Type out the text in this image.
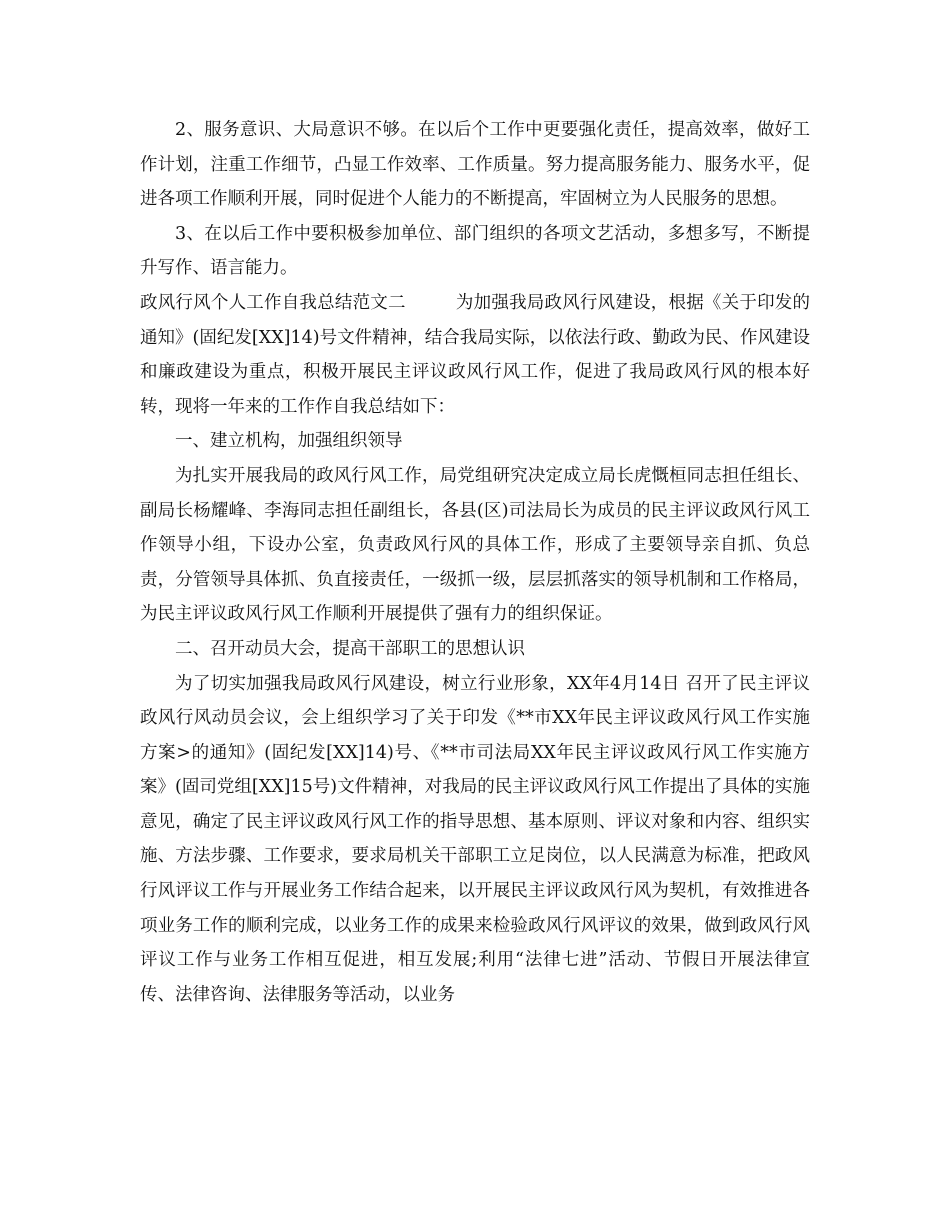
2、服务意识、大局意识不够。在以后个工作中更要强化责任，提高效率，做好工作计划，注重工作细节，凸显工作效率、工作质量。努力提高服务能力、服务水平，促进各项工作顺利开展，同时促进个人能力的不断提高，牢固树立为人民服务的思想。

3、在以后工作中要积极参加单位、部门组织的各项文艺活动，多想多写，不断提升写作、语言能力。

政风行风个人工作自我总结范文二	为加强我局政风行风建设，根据《关于印发的通知》(固纪发[XX]14)号文件精神，结合我局实际，以依法行政、勤政为民、作风建设和廉政建设为重点，积极开展民主评议政风行风工作，促进了我局政风行风的根本好转，现将一年来的工作作自我总结如下：

一、建立机构，加强组织领导

为扎实开展我局的政风行风工作，局党组研究决定成立局长虎慨桓同志担任组长、副局长杨耀峰、李海同志担任副组长，各县(区)司法局长为成员的民主评议政风行风工作领导小组，下设办公室，负责政风行风的具体工作，形成了主要领导亲自抓、负总责，分管领导具体抓、负直接责任，一级抓一级，层层抓落实的领导机制和工作格局，为民主评议政风行风工作顺利开展提供了强有力的组织保证。

二、召开动员大会，提高干部职工的思想认识

为了切实加强我局政风行风建设，树立行业形象，XX年4月14日 召开了民主评议政风行风动员会议，会上组织学习了关于印发《**市XX年民主评议政风行风工作实施方案>的通知》(固纪发[XX]14)号、《**市司法局XX年民主评议政风行风工作实施方案》(固司党组[XX]15号)文件精神，对我局的民主评议政风行风工作提出了具体的实施意见，确定了民主评议政风行风工作的指导思想、基本原则、评议对象和内容、组织实施、方法步骤、工作要求，要求局机关干部职工立足岗位，以人民满意为标准，把政风行风评议工作与开展业务工作结合起来，以开展民主评议政风行风为契机，有效推进各项业务工作的顺利完成，以业务工作的成果来检验政风行风评议的效果，做到政风行风评议工作与业务工作相互促进，相互发展;利用“法律七进”活动、节假日开展法律宣传、法律咨询、法律服务等活动，以业务
